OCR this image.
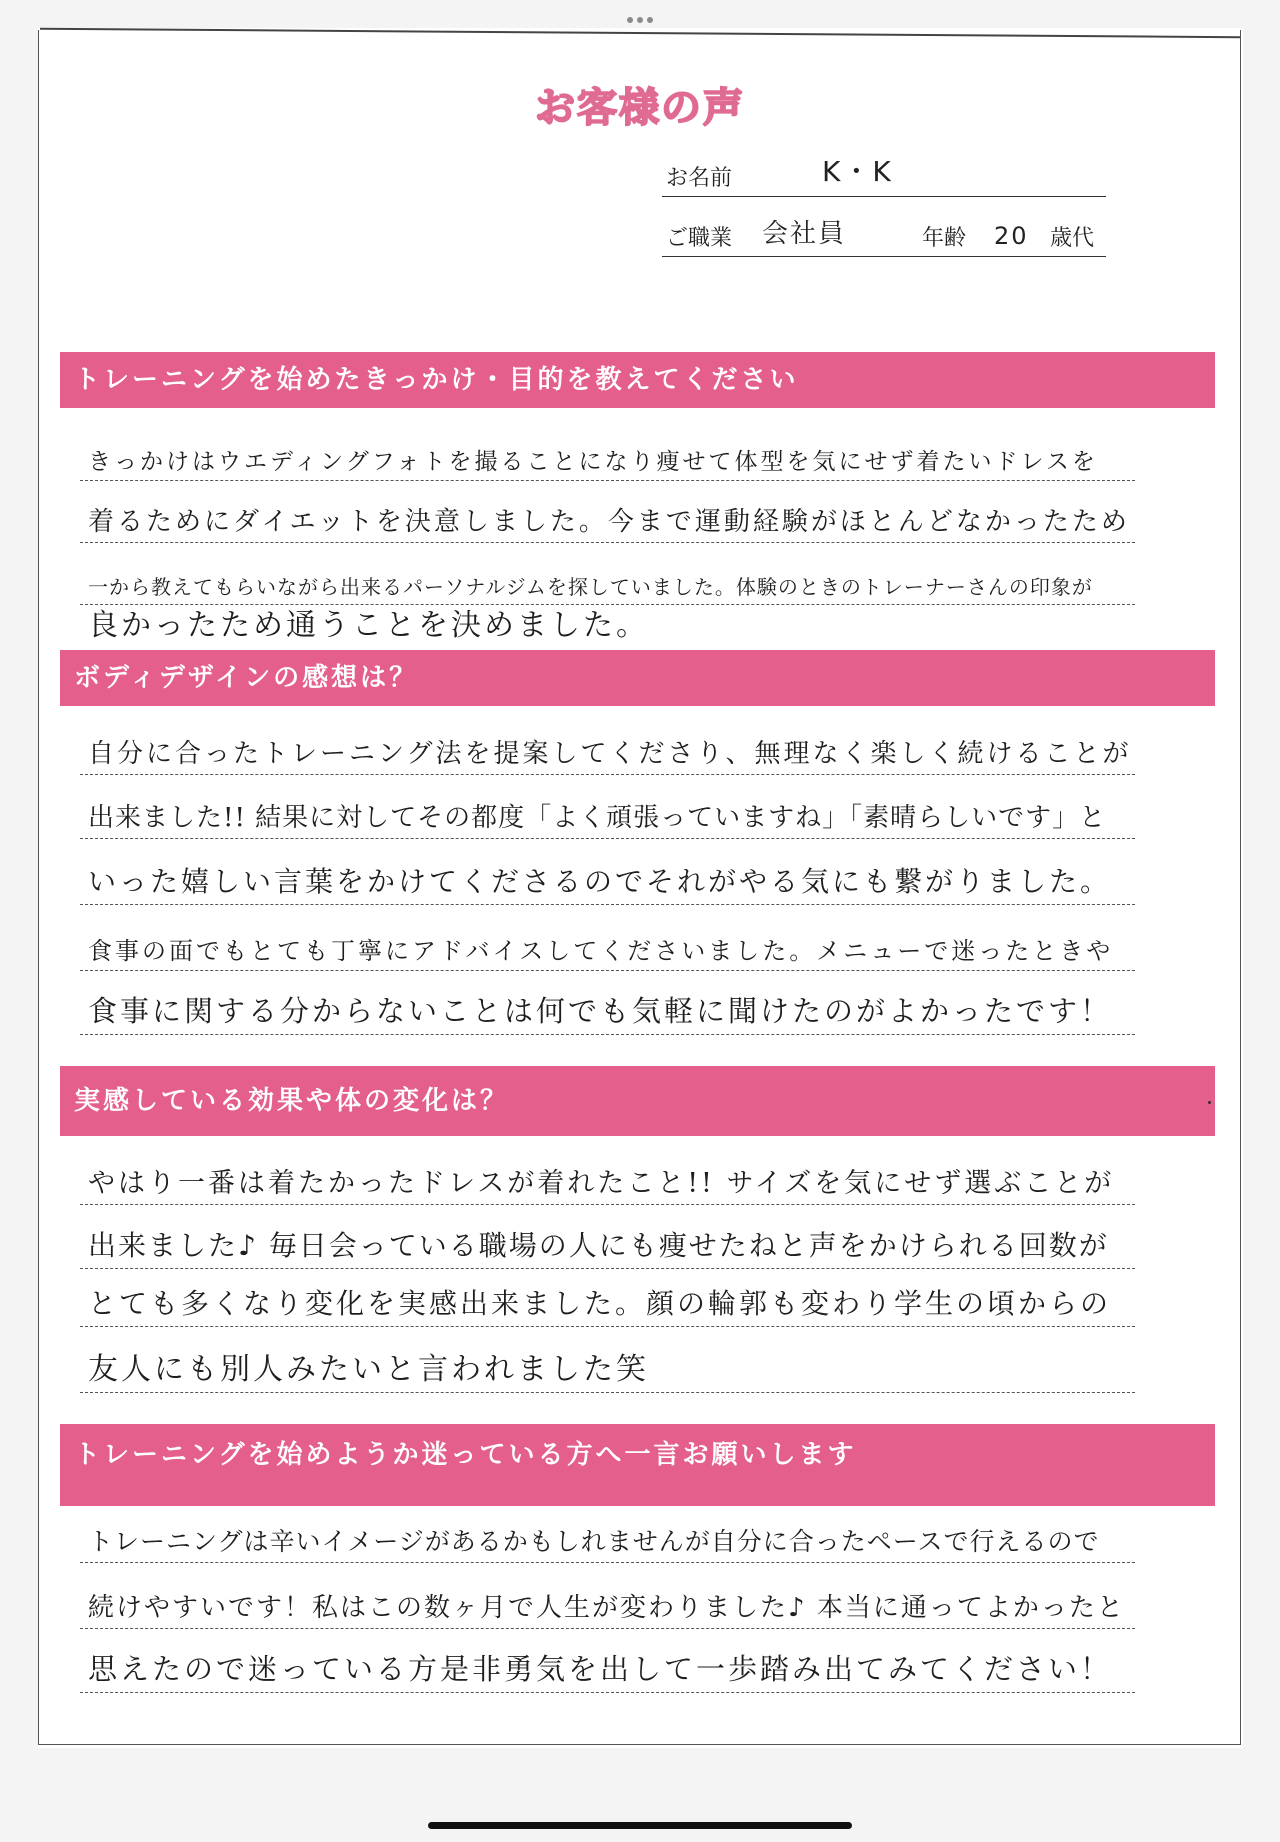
お客様の声
お名前	K・K
ご職業 会社員	年齢 20 歳代
トレーニングを始めたきっかけ・目的を教えてください
きっかけはウエディングフォトを撮ることになり痩せて体型を気にせず着たいドレスを
着るためにダイエットを決意しました。今まで運動経験がほとんどなかったため
一から教えてもらいながら出来るパーソナルジムを探していました。体験のときのトレーナーさんの印象が
良かったため通うことを決めました。
ボディデザインの感想は？
自分に合ったトレーニング法を提案してくださり、無理なく楽しく続けることが
出来ました!! 結果に対してその都度「よく頑張っていますね」「素晴らしいです」と
いった嬉しい言葉をかけてくださるのでそれがやる気にも繋がりました。
食事の面でもとても丁寧にアドバイスしてくださいました。メニューで迷ったときや
食事に関する分からないことは何でも気軽に聞けたのがよかったです！
実感している効果や体の変化は？
やはり一番は着たかったドレスが着れたこと!! サイズを気にせず選ぶことが
出来ました♪ 毎日会っている職場の人にも痩せたねと声をかけられる回数が
とても多くなり変化を実感出来ました。顔の輪郭も変わり学生の頃からの
友人にも別人みたいと言われました笑
トレーニングを始めようか迷っている方へ一言お願いします
トレーニングは辛いイメージがあるかもしれませんが自分に合ったペースで行えるので
続けやすいです！私はこの数ヶ月で人生が変わりました♪ 本当に通ってよかったと
思えたので迷っている方是非勇気を出して一歩踏み出てみてください！
